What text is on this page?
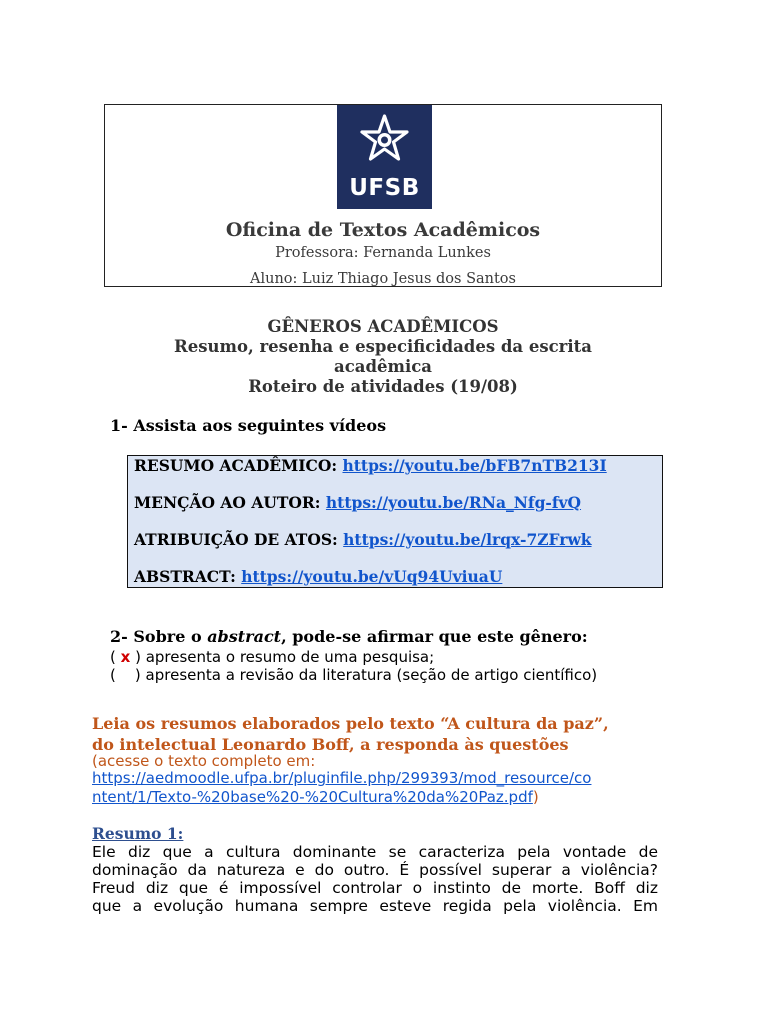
UFSB
Oficina de Textos Acadêmicos
Professora: Fernanda Lunkes
Aluno: Luiz Thiago Jesus dos Santos
GÊNEROS ACADÊMICOS
Resumo, resenha e especificidades da escrita
acadêmica
Roteiro de atividades (19/08)
1- Assista aos seguintes vídeos
RESUMO ACADÊMICO: https://youtu.be/bFB7nTB213I
MENÇÃO AO AUTOR: https://youtu.be/RNa_Nfg-fvQ
ATRIBUIÇÃO DE ATOS: https://youtu.be/lrqx-7ZFrwk
ABSTRACT: https://youtu.be/vUq94UviuaU
2- Sobre o abstract, pode-se afirmar que este gênero:
( x ) apresenta o resumo de uma pesquisa;
(    ) apresenta a revisão da literatura (seção de artigo científico)
Leia os resumos elaborados pelo texto “A cultura da paz”,
do intelectual Leonardo Boff, a responda às questões
(acesse o texto completo em:
https://aedmoodle.ufpa.br/pluginfile.php/299393/mod_resource/co
ntent/1/Texto-%20base%20-%20Cultura%20da%20Paz.pdf)
Resumo 1:
Ele diz que a cultura dominante se caracteriza pela vontade de
dominação da natureza e do outro. É possível superar a violência?
Freud diz que é impossível controlar o instinto de morte. Boff diz
que a evolução humana sempre esteve regida pela violência. Em
